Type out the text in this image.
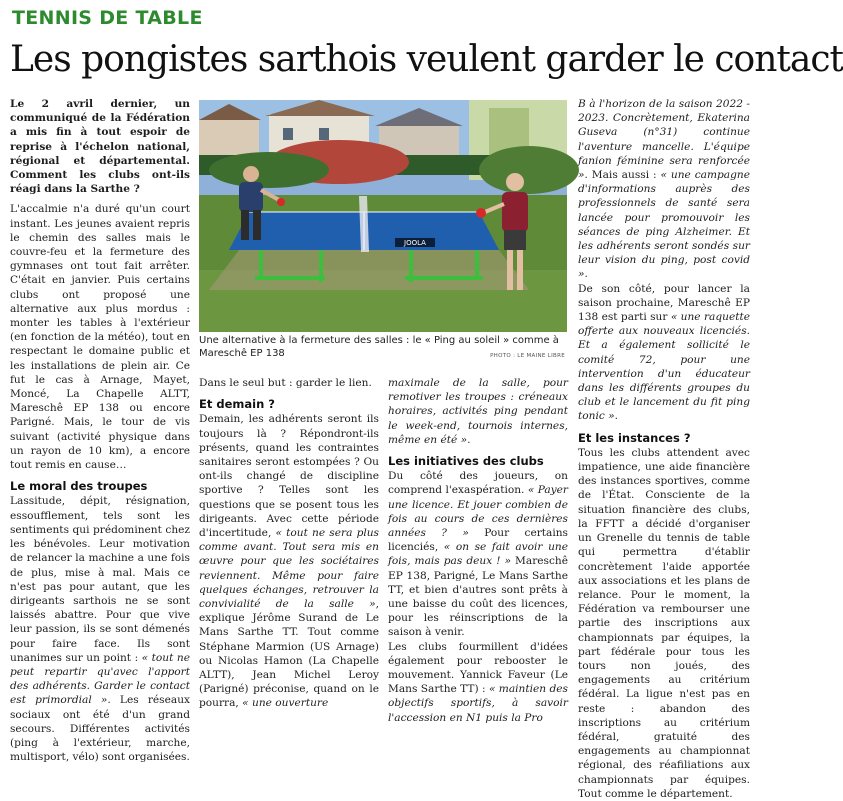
TENNIS DE TABLE
Les pongistes sarthois veulent garder le contact

Le 2 avril dernier, un communiqué de la Fédération a mis fin à tout espoir de reprise à l'échelon national, régional et départemental. Comment les clubs ont-ils réagi dans la Sarthe ?

L'accalmie n'a duré qu'un court instant. Les jeunes avaient repris le chemin des salles mais le couvre-feu et la fermeture des gymnases ont tout fait arrêter. C'était en janvier. Puis certains clubs ont proposé une alternative aux plus mordus : monter les tables à l'extérieur (en fonction de la météo), tout en respectant le domaine public et les installations de plein air. Ce fut le cas à Arnage, Mayet, Moncé, La Chapelle ALTT, Mareschê EP 138 ou encore Parigné. Mais, le tour de vis suivant (activité physique dans un rayon de 10 km), a encore tout remis en cause…

Le moral des troupes

Lassitude, dépit, résignation, essoufflement, tels sont les sentiments qui prédominent chez les bénévoles. Leur motivation de relancer la machine a une fois de plus, mise à mal. Mais ce n'est pas pour autant, que les dirigeants sarthois ne se sont laissés abattre. Pour que vive leur passion, ils se sont démenés pour faire face. Ils sont unanimes sur un point : « tout ne peut repartir qu'avec l'apport des adhérents. Garder le contact est primordial ». Les réseaux sociaux ont été d'un grand secours. Différentes activités (ping à l'extérieur, marche, multisport, vélo) sont organisées.

JOOLA
Une alternative à la fermeture des salles : le « Ping au soleil » comme à Mareschê EP 138	PHOTO : LE MAINE LIBRE

Dans le seul but : garder le lien.

Et demain ?

Demain, les adhérents seront ils toujours là ? Répondront-ils présents, quand les contraintes sanitaires seront estompées ? Ou ont-ils changé de discipline sportive ? Telles sont les questions que se posent tous les dirigeants. Avec cette période d'incertitude, « tout ne sera plus comme avant. Tout sera mis en œuvre pour que les sociétaires reviennent. Même pour faire quelques échanges, retrouver la convivialité de la salle », explique Jérôme Surand de Le Mans Sarthe TT. Tout comme Stéphane Marmion (US Arnage) ou Nicolas Hamon (La Chapelle ALTT), Jean Michel Leroy (Parigné) préconise, quand on le pourra, « une ouverture

maximale de la salle, pour remotiver les troupes : créneaux horaires, activités ping pendant le week-end, tournois internes, même en été ».

Les initiatives des clubs

Du côté des joueurs, on comprend l'exaspération. « Payer une licence. Et jouer combien de fois au cours de ces dernières années ? » Pour certains licenciés, « on se fait avoir une fois, mais pas deux ! » Mareschê EP 138, Parigné, Le Mans Sarthe TT, et bien d'autres sont prêts à une baisse du coût des licences, pour les réinscriptions de la saison à venir.

Les clubs fourmillent d'idées également pour rebooster le mouvement. Yannick Faveur (Le Mans Sarthe TT) : « maintien des objectifs sportifs, à savoir l'accession en N1 puis la Pro

B à l'horizon de la saison 2022 - 2023. Concrètement, Ekaterina Guseva (n°31) continue l'aventure mancelle. L'équipe fanion féminine sera renforcée ». Mais aussi : « une campagne d'informations auprès des professionnels de santé sera lancée pour promouvoir les séances de ping Alzheimer. Et les adhérents seront sondés sur leur vision du ping, post covid ».

De son côté, pour lancer la saison prochaine, Mareschê EP 138 est parti sur « une raquette offerte aux nouveaux licenciés. Et a également sollicité le comité 72, pour une intervention d'un éducateur dans les différents groupes du club et le lancement du fit ping tonic ».

Et les instances ?

Tous les clubs attendent avec impatience, une aide financière des instances sportives, comme de l'État. Consciente de la situation financière des clubs, la FFTT a décidé d'organiser un Grenelle du tennis de table qui permettra d'établir concrètement l'aide apportée aux associations et les plans de relance. Pour le moment, la Fédération va rembourser une partie des inscriptions aux championnats par équipes, la part fédérale pour tous les tours non joués, des engagements au critérium fédéral. La ligue n'est pas en reste : abandon des inscriptions au critérium fédéral, gratuité des engagements au championnat régional, des réafiliations aux championnats par équipes. Tout comme le département.
